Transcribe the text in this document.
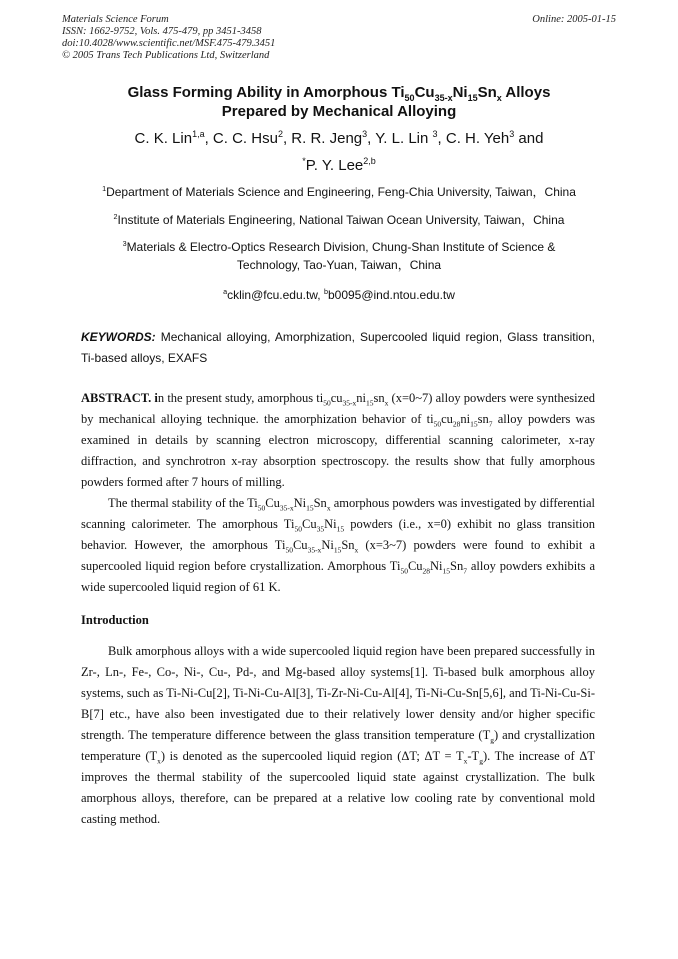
Materials Science Forum
ISSN: 1662-9752, Vols. 475-479, pp 3451-3458
doi:10.4028/www.scientific.net/MSF.475-479.3451
© 2005 Trans Tech Publications Ltd, Switzerland
Online: 2005-01-15
Glass Forming Ability in Amorphous $Ti_{50}Cu_{35-x}Ni_{15}Sn_x$ Alloys
Prepared by Mechanical Alloying
C. K. Lin$^{1,a}$, C. C. Hsu$^2$, R. R. Jeng$^3$, Y. L. Lin $^3$, C. H. Yeh$^3$ and
*P. Y. Lee$^{2,b}$
$^1$Department of Materials Science and Engineering, Feng-Chia University, Taiwan，China
$^2$Institute of Materials Engineering, National Taiwan Ocean University, Taiwan，China
$^3$Materials & Electro-Optics Research Division, Chung-Shan Institute of Science &
Technology, Tao-Yuan, Taiwan，China
$^a$cklin@fcu.edu.tw, $^b$b0095@ind.ntou.edu.tw
KEYWORDS: Mechanical alloying, Amorphization, Supercooled liquid region, Glass transition, Ti-based alloys, EXAFS

ABSTRACT. in the present study, amorphous $ti_{50}cu_{35-x}ni_{15}sn_x$ (x=0~7) alloy powders were synthesized by mechanical alloying technique. the amorphization behavior of $ti_{50}cu_{28}ni_{15}sn_7$ alloy powders was examined in details by scanning electron microscopy, differential scanning calorimeter, x-ray diffraction, and synchrotron x-ray absorption spectroscopy. the results show that fully amorphous powders formed after 7 hours of milling.

The thermal stability of the $Ti_{50}Cu_{35-x}Ni_{15}Sn_x$ amorphous powders was investigated by differential scanning calorimeter. The amorphous $Ti_{50}Cu_{35}Ni_{15}$ powders (i.e., x=0) exhibit no glass transition behavior. However, the amorphous $Ti_{50}Cu_{35-x}Ni_{15}Sn_x$ (x=3~7) powders were found to exhibit a supercooled liquid region before crystallization. Amorphous $Ti_{50}Cu_{28}Ni_{15}Sn_7$ alloy powders exhibits a wide supercooled liquid region of 61 K.

Introduction

Bulk amorphous alloys with a wide supercooled liquid region have been prepared successfully in Zr-, Ln-, Fe-, Co-, Ni-, Cu-, Pd-, and Mg-based alloy systems[1]. Ti-based bulk amorphous alloy systems, such as Ti-Ni-Cu[2], Ti-Ni-Cu-Al[3], Ti-Zr-Ni-Cu-Al[4], Ti-Ni-Cu-Sn[5,6], and Ti-Ni-Cu-Si-B[7] etc., have also been investigated due to their relatively lower density and/or higher specific strength. The temperature difference between the glass transition temperature $(T_g)$ and crystallization temperature $(T_x)$ is denoted as the supercooled liquid region (ΔT; $\Delta T = T_x-T_g$). The increase of ΔT improves the thermal stability of the supercooled liquid state against crystallization. The bulk amorphous alloys, therefore, can be prepared at a relative low cooling rate by conventional mold casting method.
